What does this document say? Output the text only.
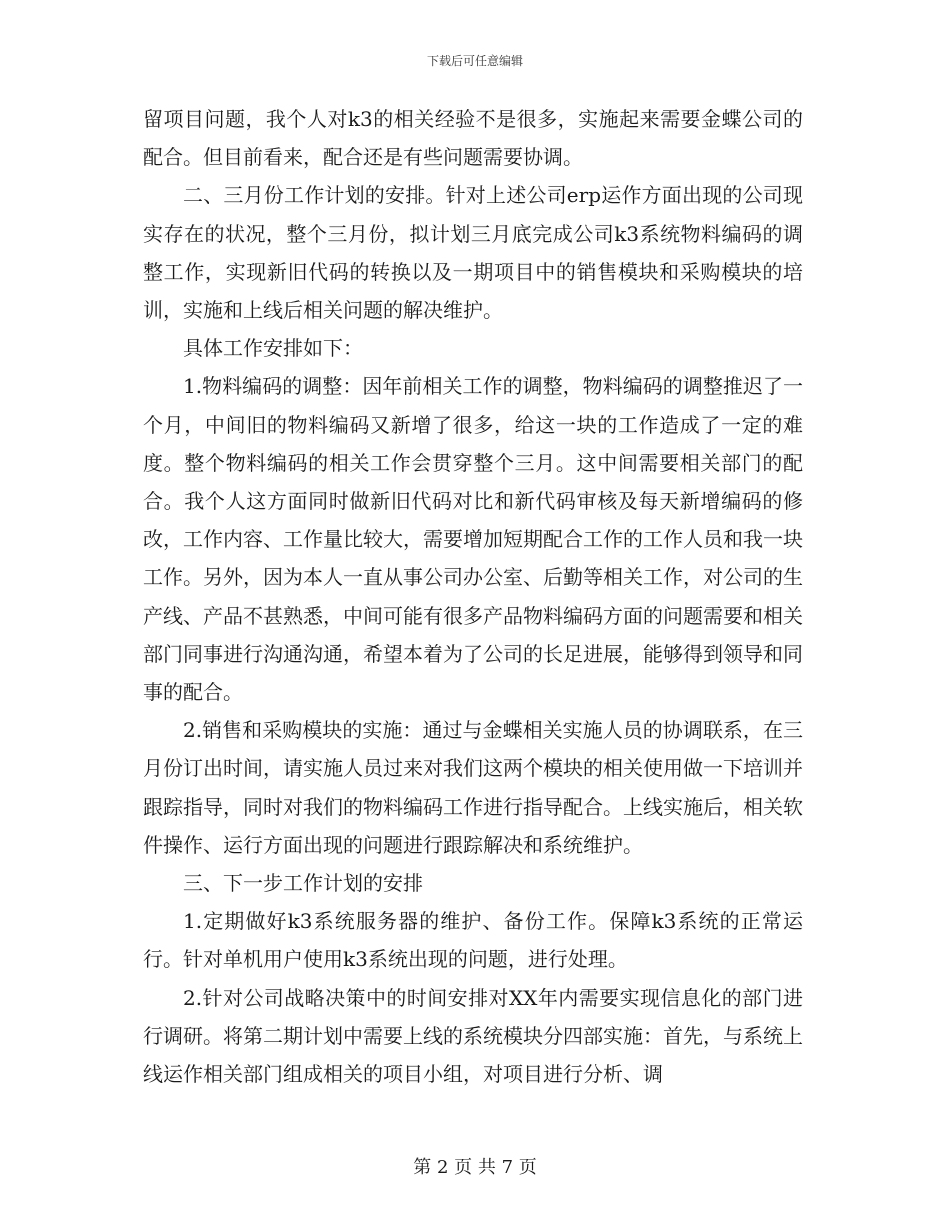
下载后可任意编辑

留项目问题，我个人对k3的相关经验不是很多，实施起来需要金蝶公司的配合。但目前看来，配合还是有些问题需要协调。

二、三月份工作计划的安排。针对上述公司erp运作方面出现的公司现实存在的状况，整个三月份，拟计划三月底完成公司k3系统物料编码的调整工作，实现新旧代码的转换以及一期项目中的销售模块和采购模块的培训，实施和上线后相关问题的解决维护。

具体工作安排如下：

1.物料编码的调整：因年前相关工作的调整，物料编码的调整推迟了一个月，中间旧的物料编码又新增了很多，给这一块的工作造成了一定的难度。整个物料编码的相关工作会贯穿整个三月。这中间需要相关部门的配合。我个人这方面同时做新旧代码对比和新代码审核及每天新增编码的修改，工作内容、工作量比较大，需要增加短期配合工作的工作人员和我一块工作。另外，因为本人一直从事公司办公室、后勤等相关工作，对公司的生产线、产品不甚熟悉，中间可能有很多产品物料编码方面的问题需要和相关部门同事进行沟通沟通，希望本着为了公司的长足进展，能够得到领导和同事的配合。

2.销售和采购模块的实施：通过与金蝶相关实施人员的协调联系，在三月份订出时间，请实施人员过来对我们这两个模块的相关使用做一下培训并跟踪指导，同时对我们的物料编码工作进行指导配合。上线实施后，相关软件操作、运行方面出现的问题进行跟踪解决和系统维护。

三、下一步工作计划的安排

1.定期做好k3系统服务器的维护、备份工作。保障k3系统的正常运行。针对单机用户使用k3系统出现的问题，进行处理。

2.针对公司战略决策中的时间安排对XX年内需要实现信息化的部门进行调研。将第二期计划中需要上线的系统模块分四部实施：首先，与系统上线运作相关部门组成相关的项目小组，对项目进行分析、调

第 2 页 共 7 页
